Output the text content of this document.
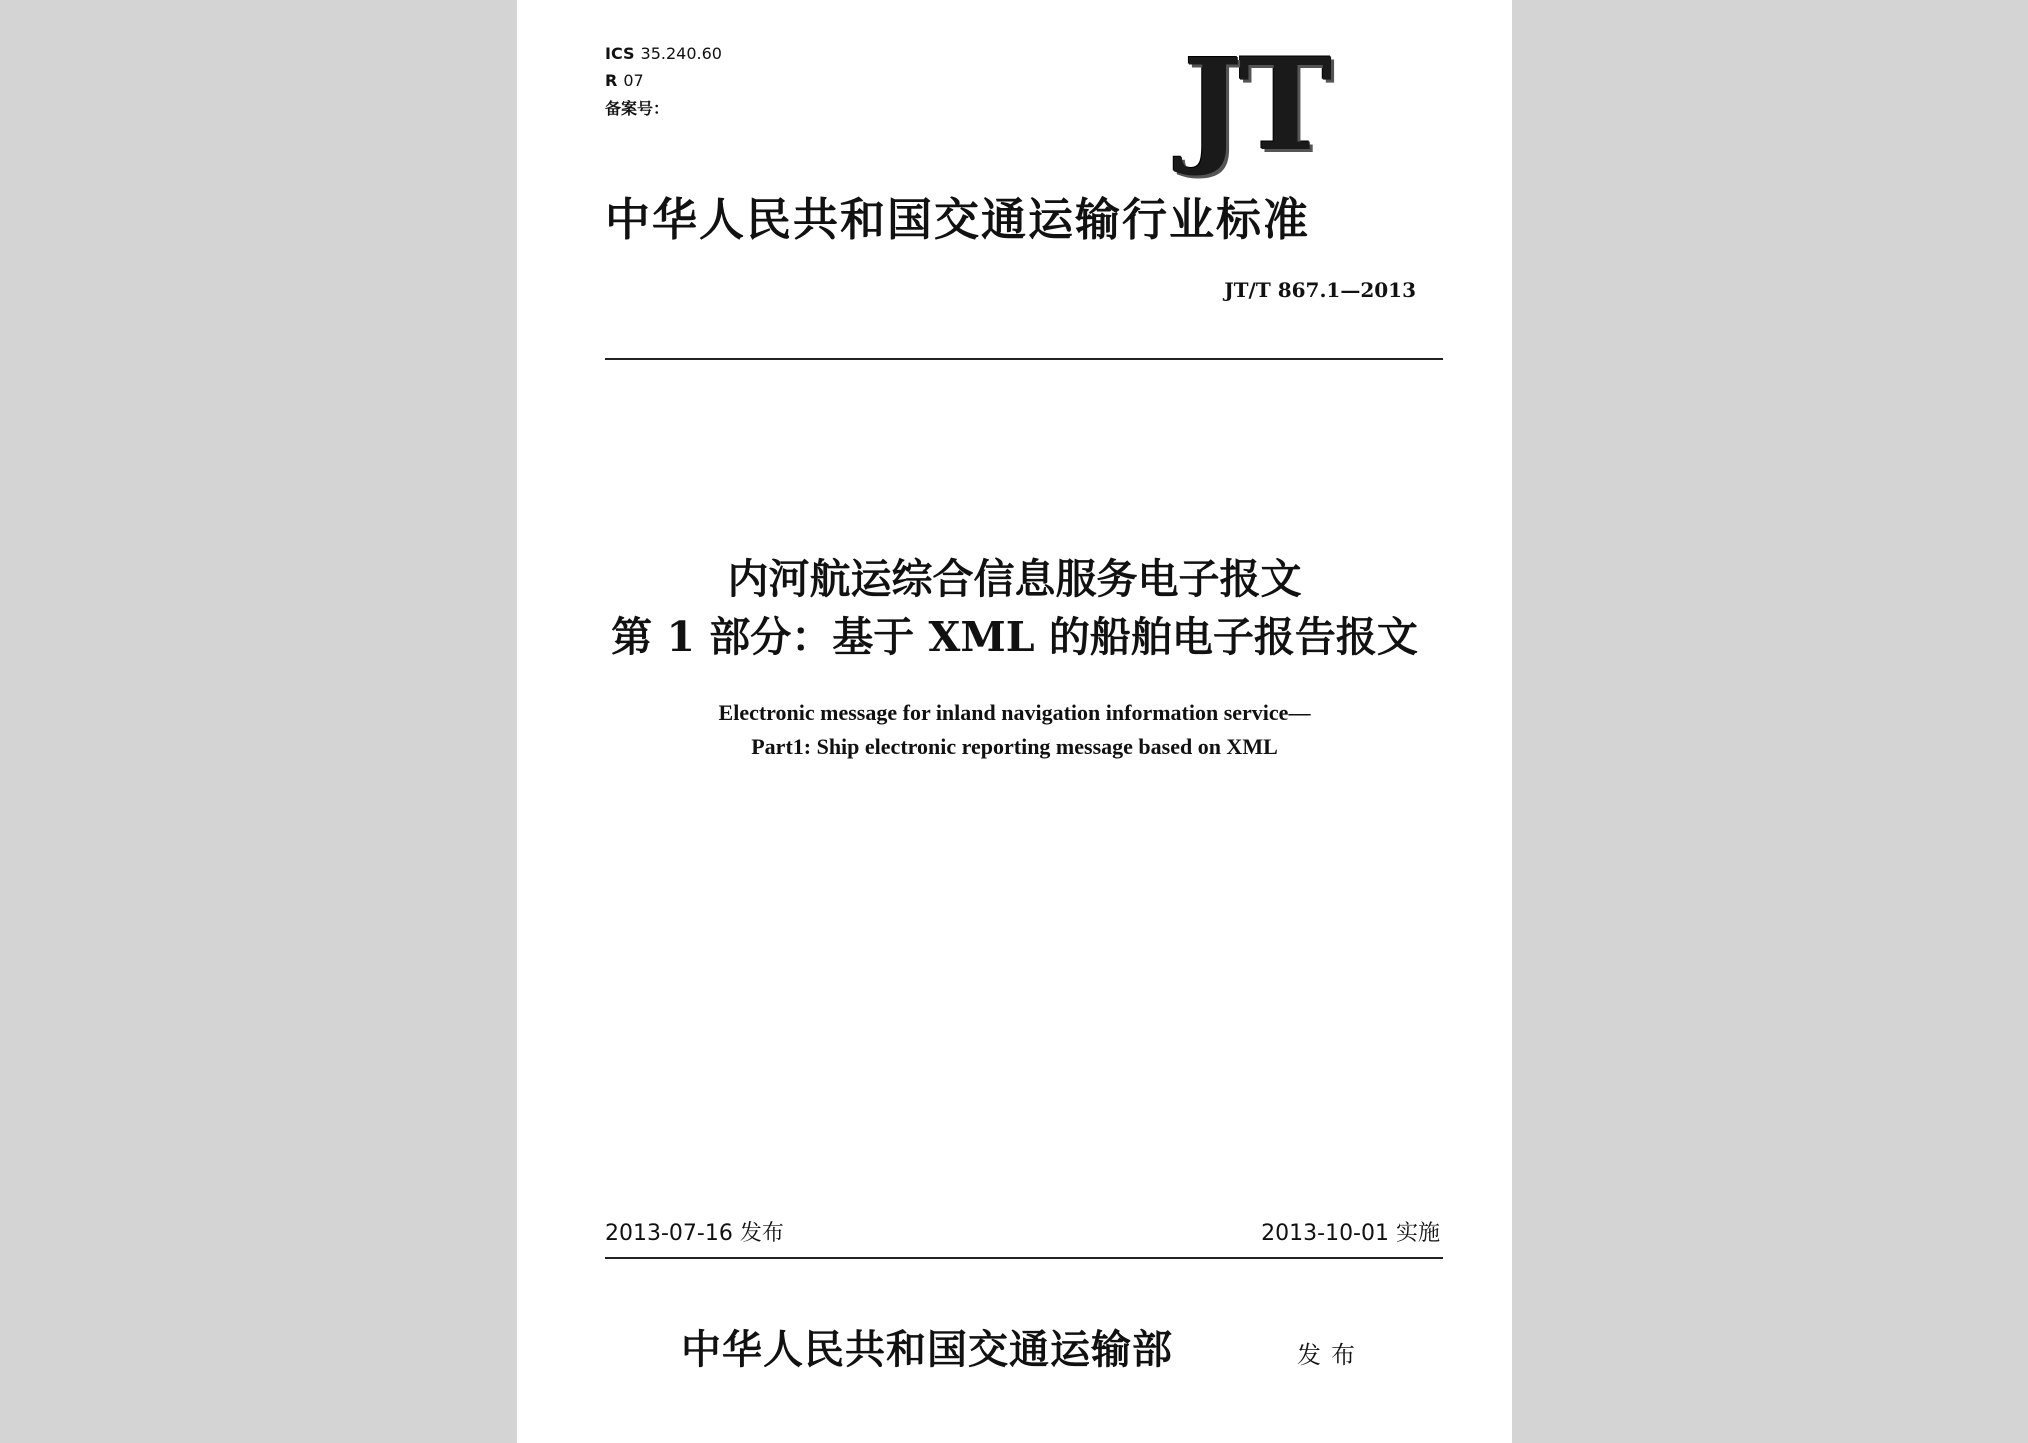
ICS 35.240.60
R 07
备案号：	JT
中华人民共和国交通运输行业标准
JT/T 867.1—2013
内河航运综合信息服务电子报文
第 1 部分：基于 XML 的船舶电子报告报文
Electronic message for inland navigation information service—
Part1: Ship electronic reporting message based on XML
2013-07-16 发布	2013-10-01 实施
中华人民共和国交通运输部	发布
